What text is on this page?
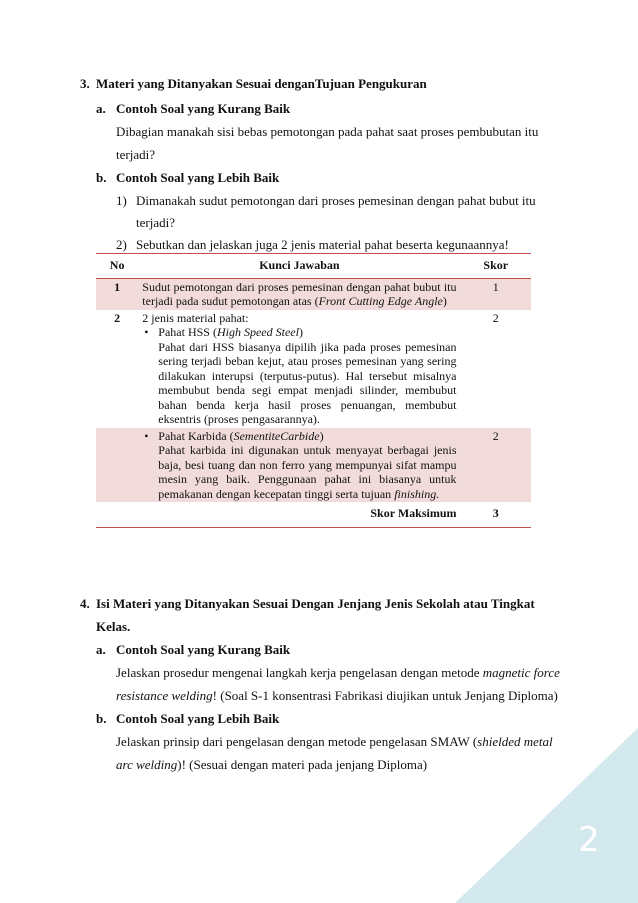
2
3. Materi yang Ditanyakan Sesuai denganTujuan Pengukuran
a. Contoh Soal yang Kurang Baik
Dibagian manakah sisi bebas pemotongan pada pahat saat proses pembubutan itu
terjadi?
b. Contoh Soal yang Lebih Baik
1) Dimanakah sudut pemotongan dari proses pemesinan dengan pahat bubut itu
terjadi?
2) Sebutkan dan jelaskan juga 2 jenis material pahat beserta kegunaannya!
No	Kunci Jawaban	Skor
1	Sudut pemotongan dari proses pemesinan dengan pahat bubut itu terjadi pada sudut pemotongan atas (Front Cutting Edge Angle)	1
2	2 jenis material pahat:
• Pahat HSS (High Speed Steel)
Pahat dari HSS biasanya dipilih jika pada proses pemesinan sering terjadi beban kejut, atau proses pemesinan yang sering dilakukan interupsi (terputus-putus). Hal tersebut misalnya membubut benda segi empat menjadi silinder, membubut bahan benda kerja hasil proses penuangan, membubut eksentris (proses pengasarannya).	2

	• Pahat Karbida (SementiteCarbide)
Pahat karbida ini digunakan untuk menyayat berbagai jenis baja, besi tuang dan non ferro yang mempunyai sifat mampu mesin yang baik. Penggunaan pahat ini biasanya untuk pemakanan dengan kecepatan tinggi serta tujuan finishing.	2
	Skor Maksimum	3
4. Isi Materi yang Ditanyakan Sesuai Dengan Jenjang Jenis Sekolah atau Tingkat
Kelas.
a. Contoh Soal yang Kurang Baik
Jelaskan prosedur mengenai langkah kerja pengelasan dengan metode magnetic force
resistance welding! (Soal S-1 konsentrasi Fabrikasi diujikan untuk Jenjang Diploma)
b. Contoh Soal yang Lebih Baik
Jelaskan prinsip dari pengelasan dengan metode pengelasan SMAW (shielded metal
arc welding)! (Sesuai dengan materi pada jenjang Diploma)
